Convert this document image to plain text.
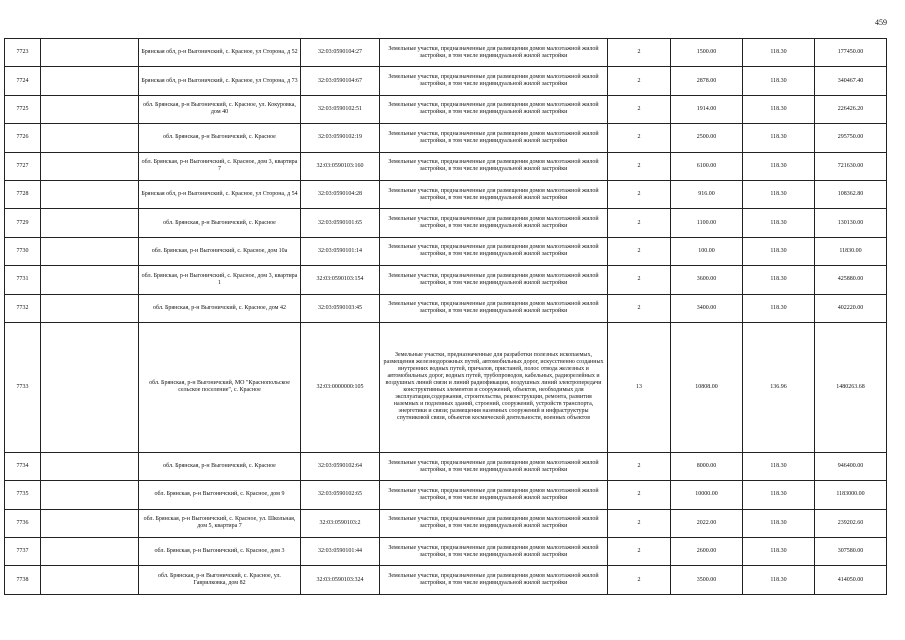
459
7723		Брянская обл, р-н Выгоничский, с. Красное, ул Сторона, д 52	32:03:0590104:27	Земельные участки, предназначенные для размещения домов малоэтажной жилой застройки, в том числе индивидуальной жилой застройки	2	1500.00	118.30	177450.00
7724		Брянская обл, р-н Выгоничский, с. Красное, ул Сторона, д 73	32:03:0590104:67	Земельные участки, предназначенные для размещения домов малоэтажной жилой застройки, в том числе индивидуальной жилой застройки	2	2878.00	118.30	340467.40
7725		обл. Брянская, р-н Выгоничский, с. Красное, ул. Кокуровка, дом 40	32:03:0590102:51	Земельные участки, предназначенные для размещения домов малоэтажной жилой застройки, в том числе индивидуальной жилой застройки	2	1914.00	118.30	226426.20
7726		обл. Брянская, р-н Выгоничский, с. Красное	32:03:0590102:19	Земельные участки, предназначенные для размещения домов малоэтажной жилой застройки, в том числе индивидуальной жилой застройки	2	2500.00	118.30	295750.00
7727		обл. Брянская, р-н Выгоничский, с. Красное, дом 3, квартира 7	32:03:0590103:160	Земельные участки, предназначенные для размещения домов малоэтажной жилой застройки, в том числе индивидуальной жилой застройки	2	6100.00	118.30	721630.00
7728		Брянская обл, р-н Выгоничский, с. Красное, ул Сторона, д 54	32:03:0590104:28	Земельные участки, предназначенные для размещения домов малоэтажной жилой застройки, в том числе индивидуальной жилой застройки	2	916.00	118.30	108362.80
7729		обл. Брянская, р-н Выгоничский, с. Красное	32:03:0590101:65	Земельные участки, предназначенные для размещения домов малоэтажной жилой застройки, в том числе индивидуальной жилой застройки	2	1100.00	118.30	130130.00
7730		обл. Брянская, р-н Выгоничский, с. Красное, дом 10а	32:03:0590101:14	Земельные участки, предназначенные для размещения домов малоэтажной жилой застройки, в том числе индивидуальной жилой застройки	2	100.00	118.30	11830.00
7731		обл. Брянская, р-н Выгоничский, с. Красное, дом 3, квартира 1	32:03:0590103:154	Земельные участки, предназначенные для размещения домов малоэтажной жилой застройки, в том числе индивидуальной жилой застройки	2	3600.00	118.30	425880.00
7732		обл. Брянская, р-н Выгоничский, с. Красное, дом 42	32:03:0590103:45	Земельные участки, предназначенные для размещения домов малоэтажной жилой застройки, в том числе индивидуальной жилой застройки	2	3400.00	118.30	402220.00
7733		обл. Брянская, р-н Выгоничский, МО "Краснопольское сельское поселение", с. Красное	32:03:0000000:105	Земельные участки, предназначенные для разработки полезных ископаемых, размещения железнодорожных путей, автомобильных дорог, искусственно созданных внутренних водных путей, причалов, пристаней, полос отвода железных и автомобильных дорог, водных путей, трубопроводов, кабельных, радиорелейных и воздушных линий связи и линий радиофикации, воздушных линий электропередачи конструктивных элементов и сооружений, объектов, необходимых для эксплуатации,содержания, строительства, реконструкции, ремонта, развития наземных и подземных зданий, строений, сооружений, устройств транспорта, энергетики и связи; размещения наземных сооружений и инфраструктуры спутниковой связи, объектов космической деятельности, военных объектов	13	10808.00	136.96	1480263.68
7734		обл. Брянская, р-н Выгоничский, с. Красное	32:03:0590102:64	Земельные участки, предназначенные для размещения домов малоэтажной жилой застройки, в том числе индивидуальной жилой застройки	2	8000.00	118.30	946400.00
7735		обл. Брянская, р-н Выгоничский, с. Красное, дом 9	32:03:0590102:65	Земельные участки, предназначенные для размещения домов малоэтажной жилой застройки, в том числе индивидуальной жилой застройки	2	10000.00	118.30	1183000.00
7736		обл. Брянская, р-н Выгоничский, с. Красное, ул. Школьная, дом 5, квартира 7	32:03:0590103:2	Земельные участки, предназначенные для размещения домов малоэтажной жилой застройки, в том числе индивидуальной жилой застройки	2	2022.00	118.30	239202.60
7737		обл. Брянская, р-н Выгоничский, с. Красное, дом 3	32:03:0590101:44	Земельные участки, предназначенные для размещения домов малоэтажной жилой застройки, в том числе индивидуальной жилой застройки	2	2600.00	118.30	307580.00
7738		обл. Брянская, р-н Выгоничский, с. Красное, ул. Гаврилковка, дом 82	32:03:0590103:324	Земельные участки, предназначенные для размещения домов малоэтажной жилой застройки, в том числе индивидуальной жилой застройки	2	3500.00	118.30	414050.00
